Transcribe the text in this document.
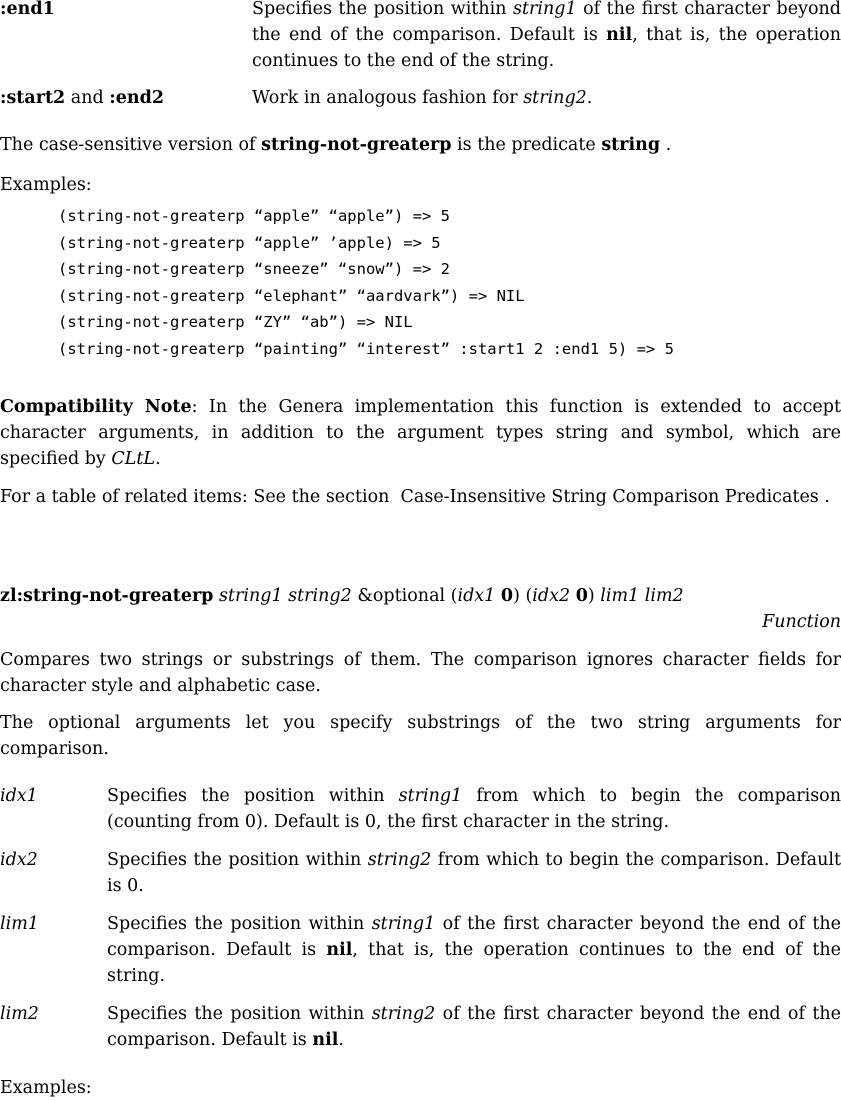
:end1	Specifies the position within string1 of the first character beyond the end of the comparison. Default is nil, that is, the operation continues to the end of the string.
:start2 and :end2	Work in analogous fashion for string2.
The case-sensitive version of string-not-greaterp is the predicate string .
Examples:
(string-not-greaterp “apple” “apple”) => 5
(string-not-greaterp “apple” ’apple) => 5
(string-not-greaterp “sneeze” “snow”) => 2
(string-not-greaterp “elephant” “aardvark”) => NIL
(string-not-greaterp “ZY” “ab”) => NIL
(string-not-greaterp “painting” “interest” :start1 2 :end1 5) => 5
Compatibility Note: In the Genera implementation this function is extended to accept character arguments, in addition to the argument types string and symbol, which are specified by CLtL.
For a table of related items: See the section  Case-Insensitive String Comparison Predicates .
zl:string-not-greaterp string1 string2 &optional (idx1 0) (idx2 0) lim1 lim2
Function
Compares two strings or substrings of them. The comparison ignores character fields for character style and alphabetic case.
The optional arguments let you specify substrings of the two string arguments for comparison.
idx1	Specifies the position within string1 from which to begin the comparison (counting from 0). Default is 0, the first character in the string.
idx2	Specifies the position within string2 from which to begin the comparison. Default is 0.
lim1	Specifies the position within string1 of the first character beyond the end of the comparison. Default is nil, that is, the operation continues to the end of the string.
lim2	Specifies the position within string2 of the first character beyond the end of the comparison. Default is nil.
Examples:
